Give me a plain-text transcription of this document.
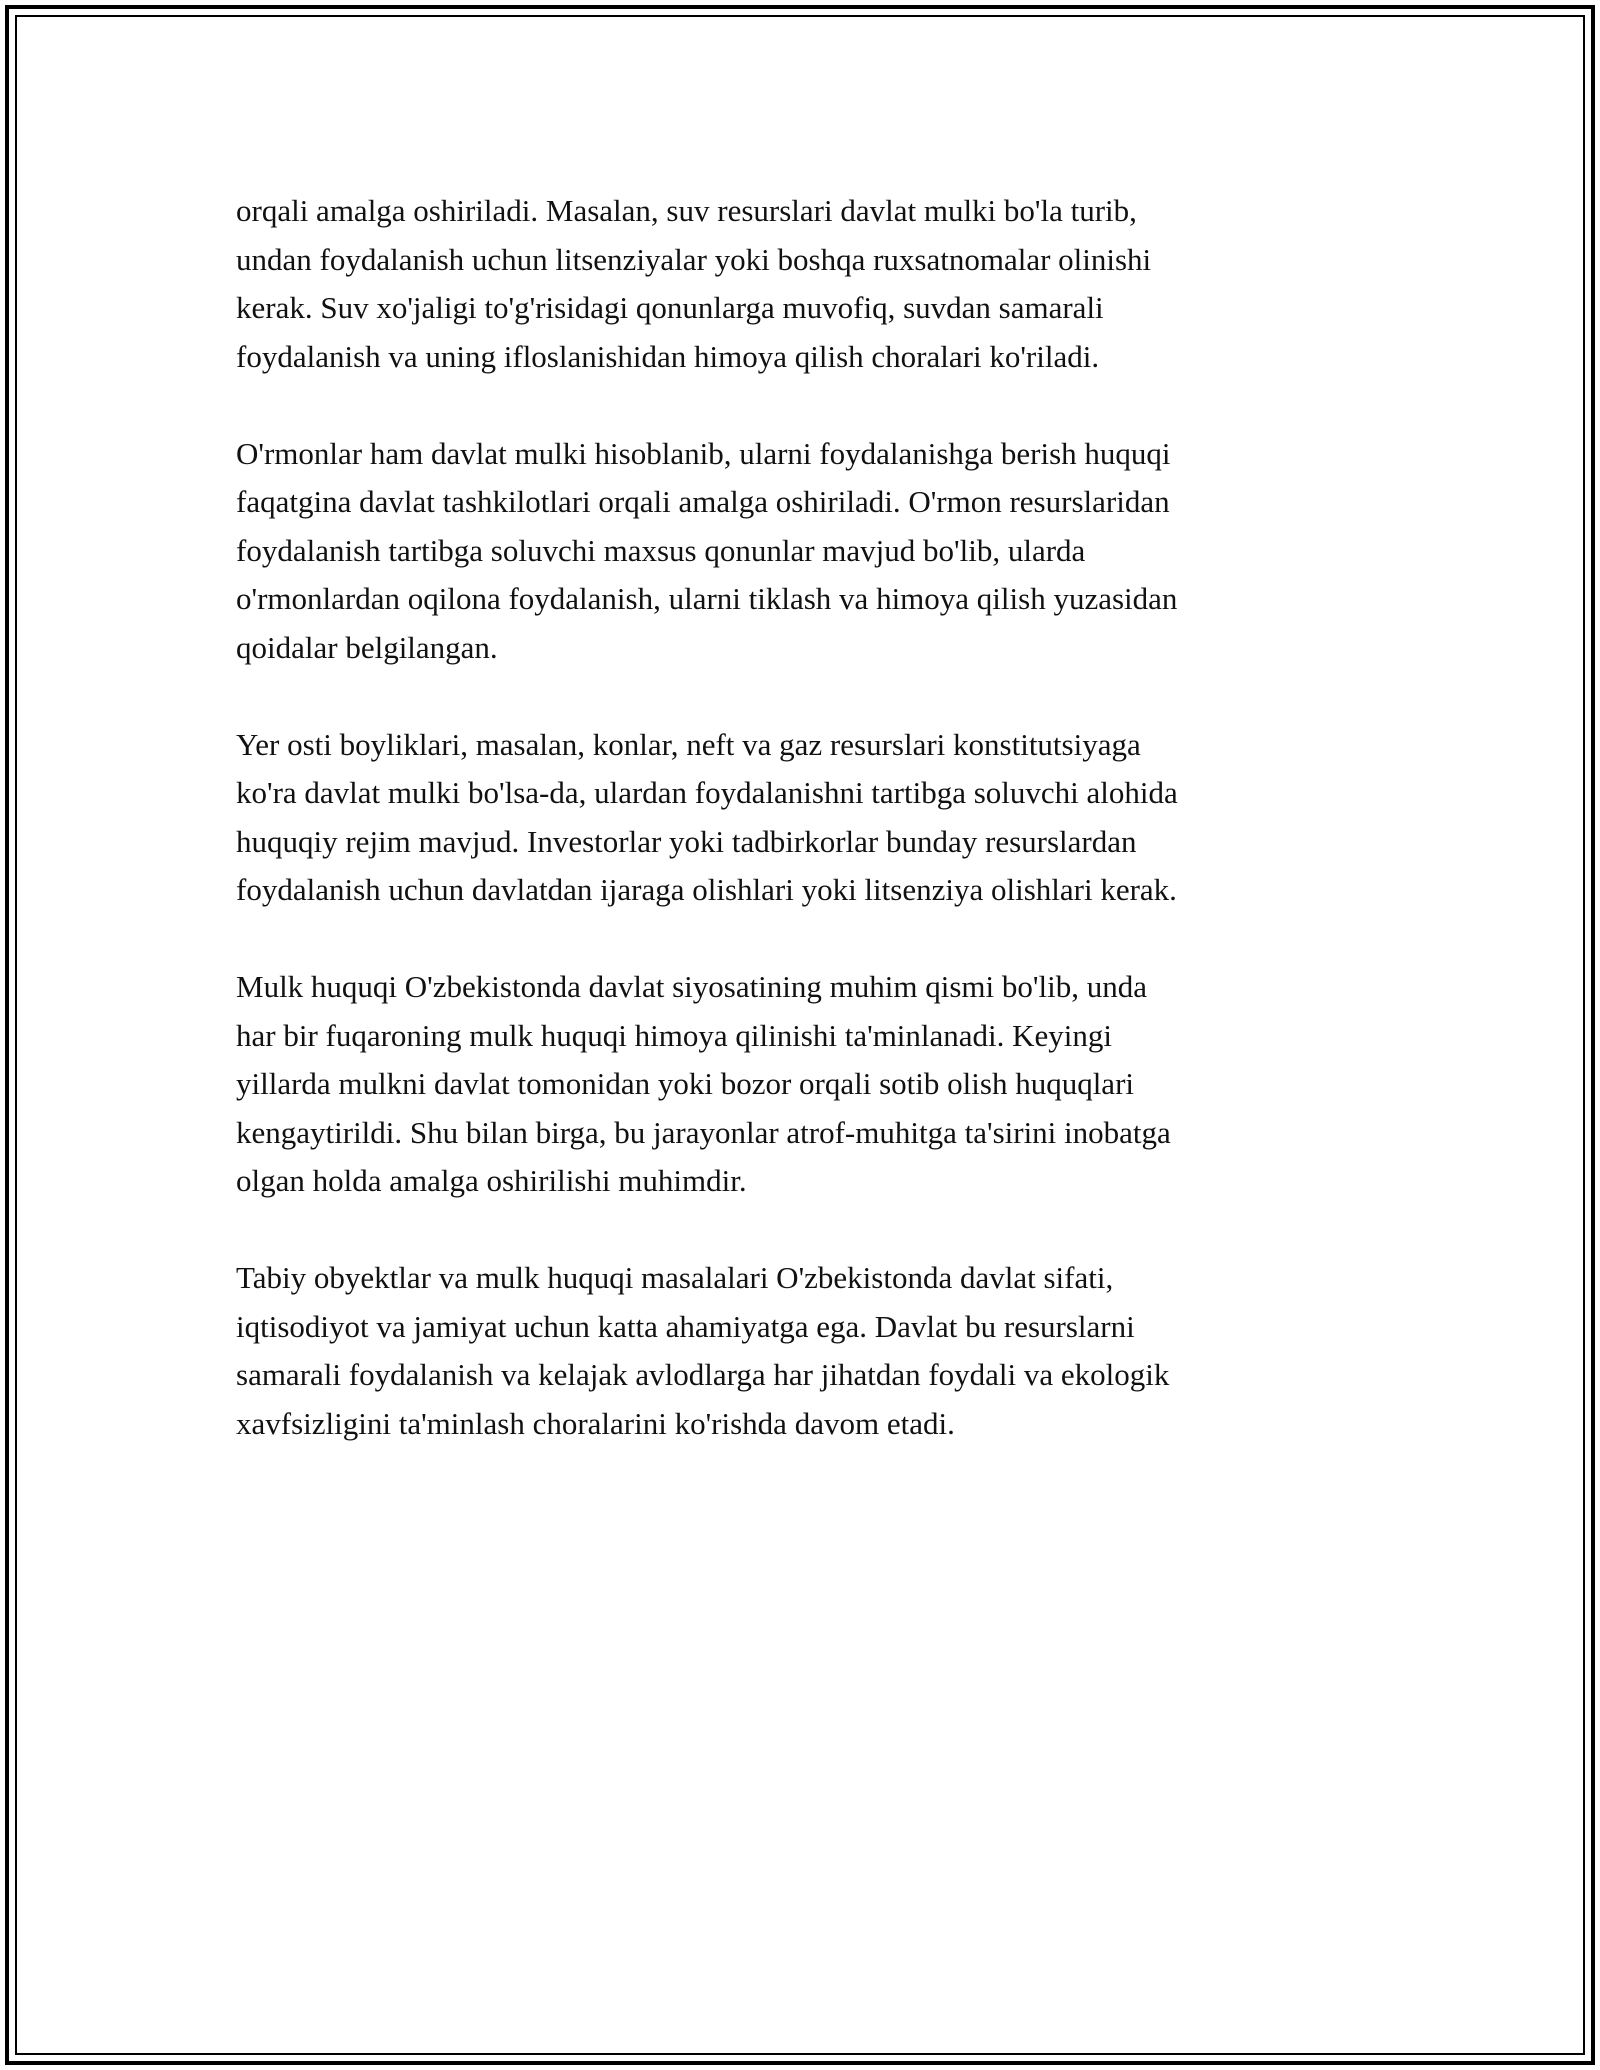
orqali amalga oshiriladi. Masalan, suv resurslari davlat mulki bo'la turib,
undan foydalanish uchun litsenziyalar yoki boshqa ruxsatnomalar olinishi
kerak. Suv xo'jaligi to'g'risidagi qonunlarga muvofiq, suvdan samarali
foydalanish va uning ifloslanishidan himoya qilish choralari ko'riladi.

O'rmonlar ham davlat mulki hisoblanib, ularni foydalanishga berish huquqi
faqatgina davlat tashkilotlari orqali amalga oshiriladi. O'rmon resurslaridan
foydalanish tartibga soluvchi maxsus qonunlar mavjud bo'lib, ularda
o'rmonlardan oqilona foydalanish, ularni tiklash va himoya qilish yuzasidan
qoidalar belgilangan.

Yer osti boyliklari, masalan, konlar, neft va gaz resurslari konstitutsiyaga
ko'ra davlat mulki bo'lsa-da, ulardan foydalanishni tartibga soluvchi alohida
huquqiy rejim mavjud. Investorlar yoki tadbirkorlar bunday resurslardan
foydalanish uchun davlatdan ijaraga olishlari yoki litsenziya olishlari kerak.

Mulk huquqi O'zbekistonda davlat siyosatining muhim qismi bo'lib, unda
har bir fuqaroning mulk huquqi himoya qilinishi ta'minlanadi. Keyingi
yillarda mulkni davlat tomonidan yoki bozor orqali sotib olish huquqlari
kengaytirildi. Shu bilan birga, bu jarayonlar atrof-muhitga ta'sirini inobatga
olgan holda amalga oshirilishi muhimdir.

Tabiy obyektlar va mulk huquqi masalalari O'zbekistonda davlat sifati,
iqtisodiyot va jamiyat uchun katta ahamiyatga ega. Davlat bu resurslarni
samarali foydalanish va kelajak avlodlarga har jihatdan foydali va ekologik
xavfsizligini ta'minlash choralarini ko'rishda davom etadi.
